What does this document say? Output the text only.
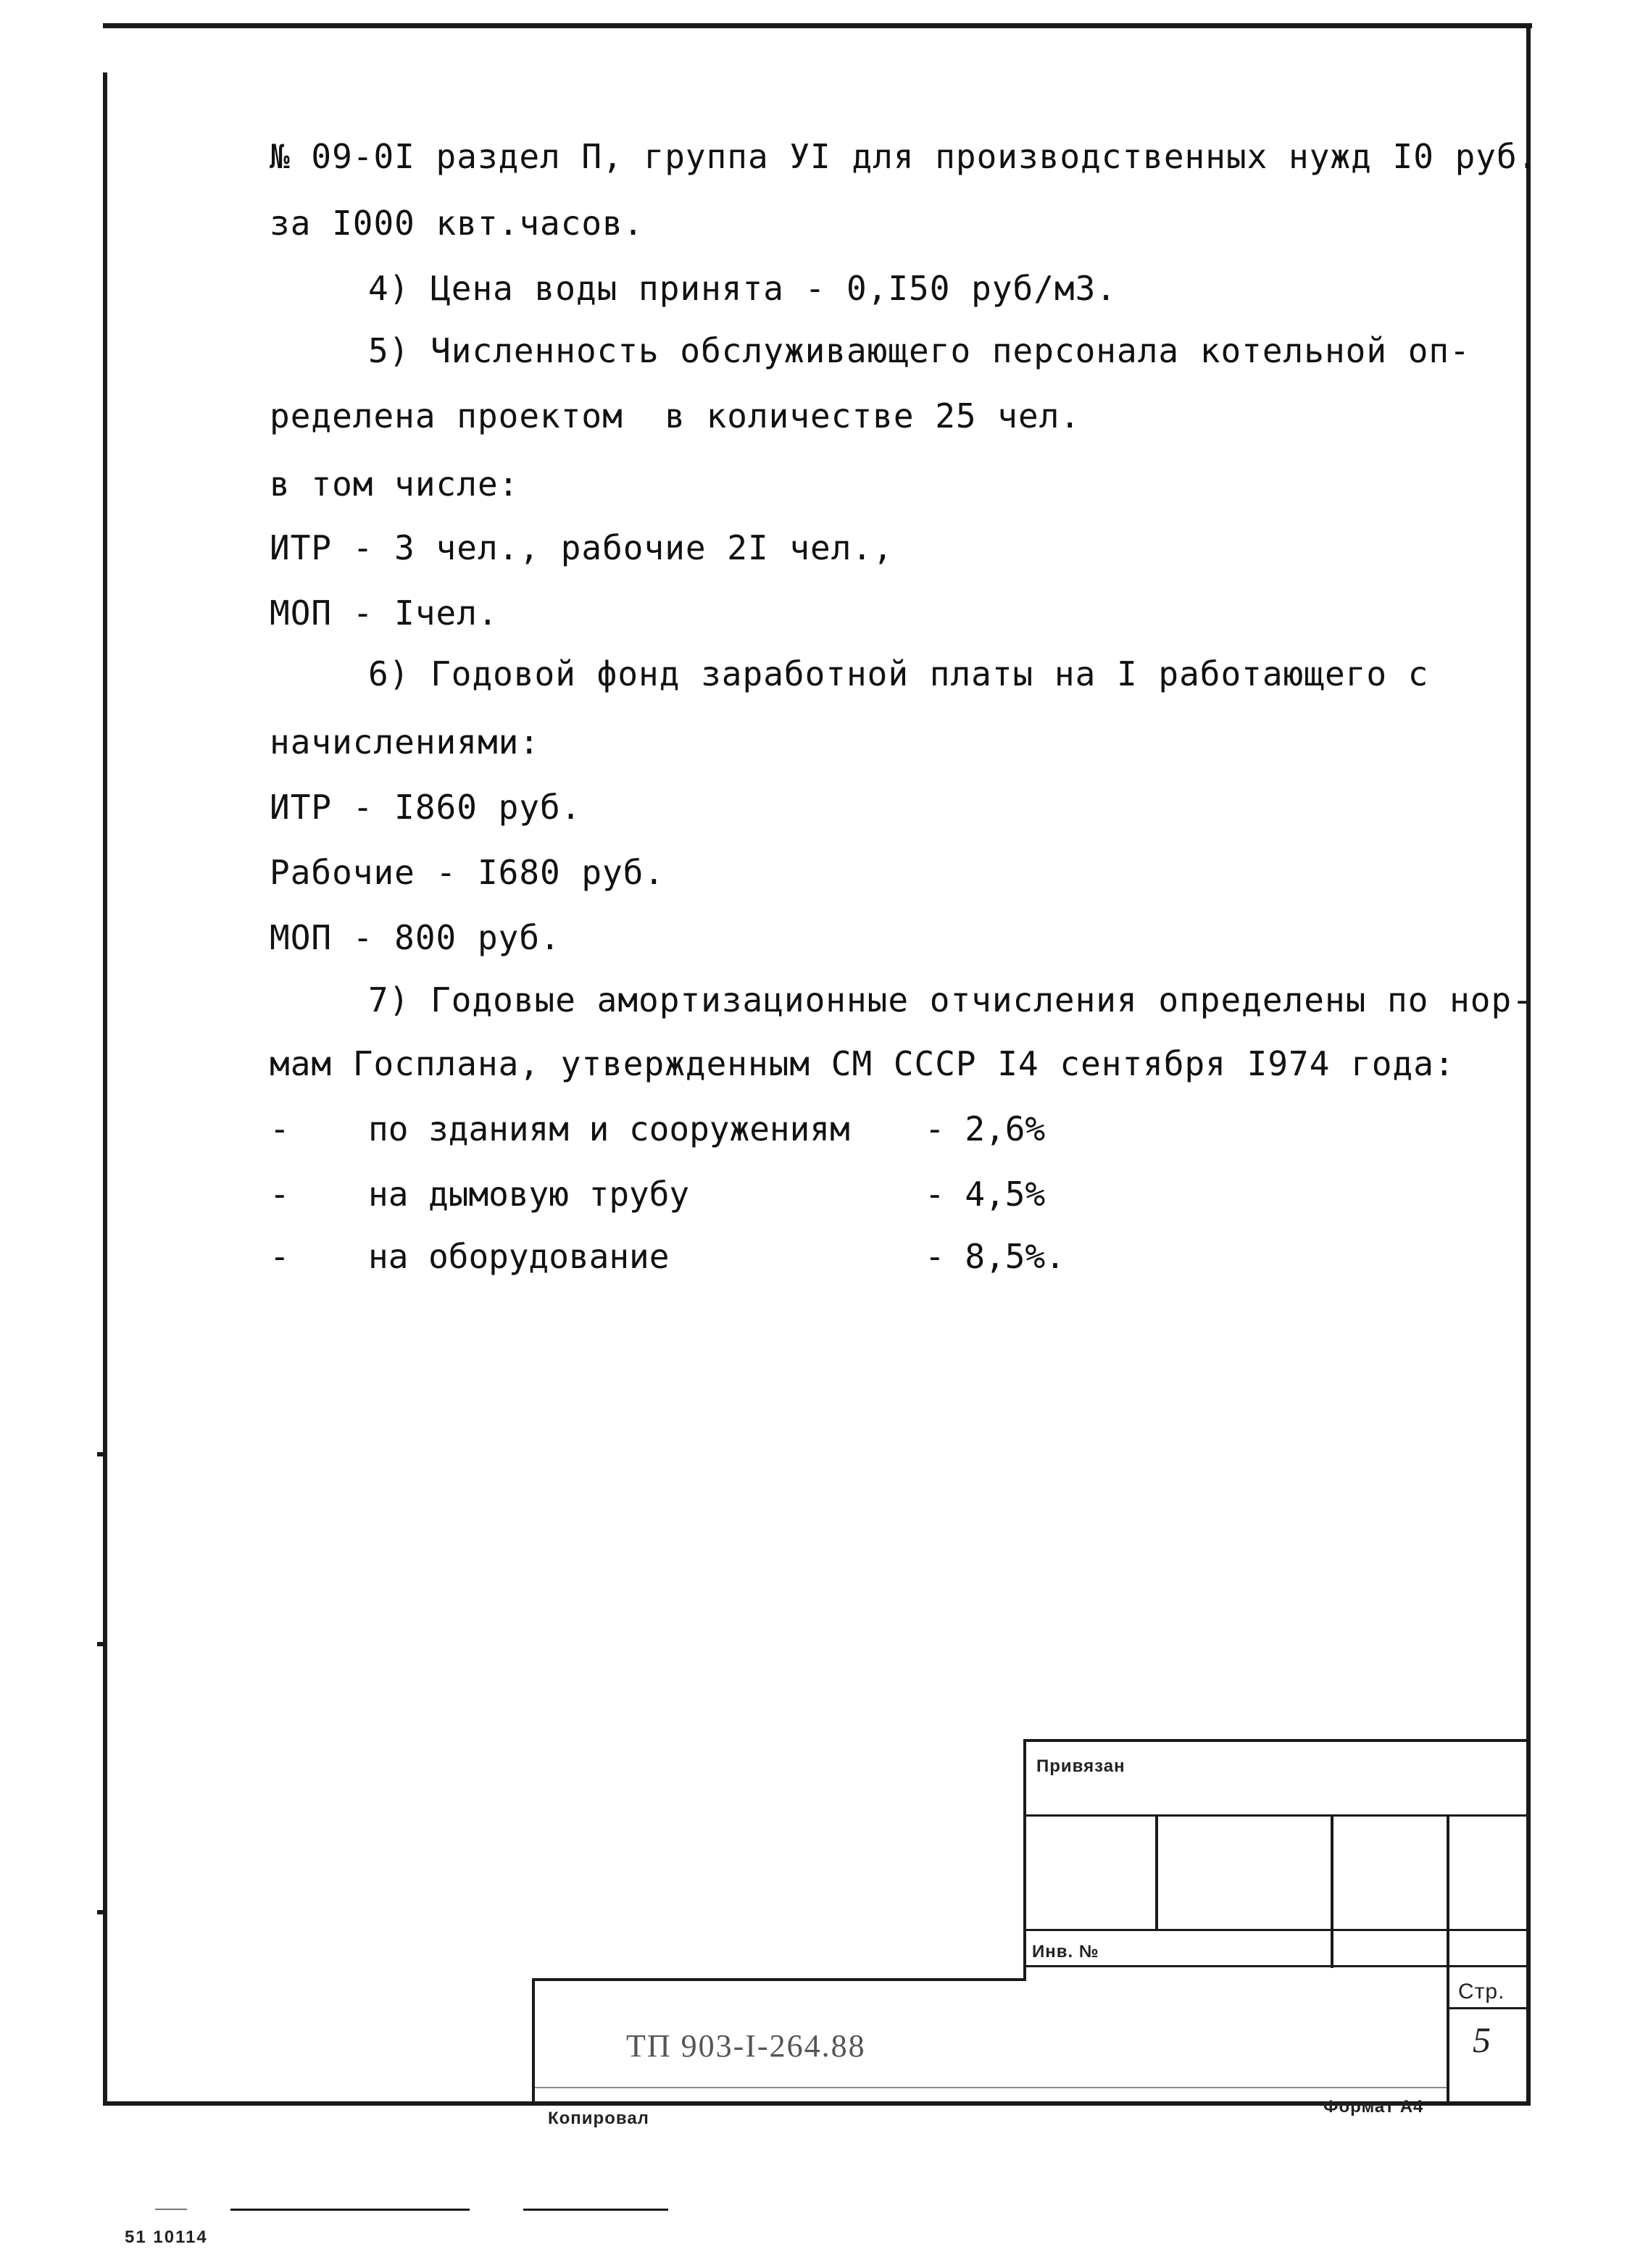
№ 09-0I раздел П, группа УI для производственных нужд I0 руб.
за I000 квт.часов.
4) Цена воды принята - 0,I50 руб/м3.
5) Численность обслуживающего персонала котельной оп-
ределена проектом  в количестве 25 чел.
в том числе:
ИТР - 3 чел., рабочие 2I чел.,
МОП - Iчел.
6) Годовой фонд заработной платы на I работающего с
начислениями:
ИТР - I860 руб.
Рабочие - I680 руб.
МОП - 800 руб.
7) Годовые амортизационные отчисления определены по нор-
мам Госплана, утвержденным СМ СССР I4 сентября I974 года:
- по зданиям и сооружениям - 2,6%
- на дымовую трубу	- 4,5%
- на оборудование	- 8,5%.
Привязан
Инв. №
Стр.
ТП 903-I-264.88	5
Копировал
Формат А4
51 10114
